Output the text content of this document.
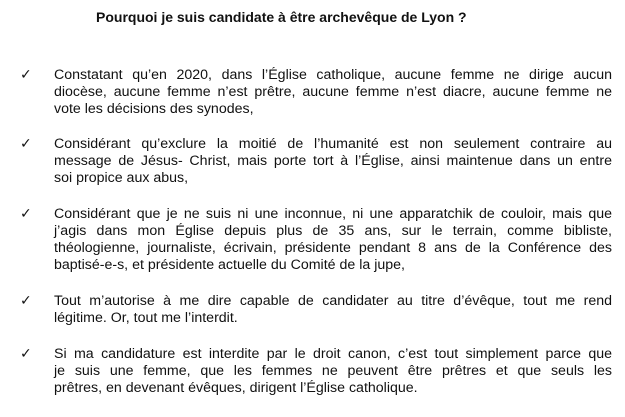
Pourquoi je suis candidate à être archevêque de Lyon ?
✓ Constatant qu’en 2020, dans l’Église catholique, aucune femme ne dirige aucun
diocèse, aucune femme n’est prêtre, aucune femme n’est diacre, aucune femme ne
vote les décisions des synodes,
✓ Considérant qu’exclure la moitié de l’humanité est non seulement contraire au
message de Jésus- Christ, mais porte tort à l’Église, ainsi maintenue dans un entre
soi propice aux abus,
✓ Considérant que je ne suis ni une inconnue, ni une apparatchik de couloir, mais que
j’agis dans mon Église depuis plus de 35 ans, sur le terrain, comme bibliste,
théologienne, journaliste, écrivain, présidente pendant 8 ans de la Conférence des
baptisé-e-s, et présidente actuelle du Comité de la jupe,
✓ Tout m’autorise à me dire capable de candidater au titre d’évêque, tout me rend
légitime. Or, tout me l’interdit.
✓ Si ma candidature est interdite par le droit canon, c’est tout simplement parce que
je suis une femme, que les femmes ne peuvent être prêtres et que seuls les
prêtres, en devenant évêques, dirigent l’Église catholique.
